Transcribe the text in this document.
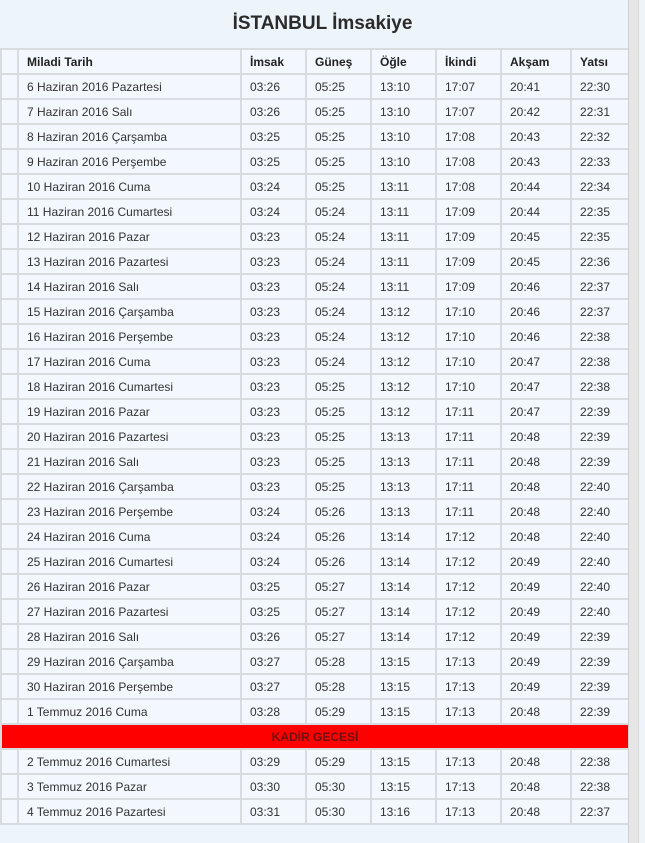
İSTANBUL İmsakiye
	Miladi Tarih	İmsak	Güneş	Öğle	İkindi	Akşam	Yatsı
	6 Haziran 2016 Pazartesi	03:26	05:25	13:10	17:07	20:41	22:30
	7 Haziran 2016 Salı	03:26	05:25	13:10	17:07	20:42	22:31
	8 Haziran 2016 Çarşamba	03:25	05:25	13:10	17:08	20:43	22:32
	9 Haziran 2016 Perşembe	03:25	05:25	13:10	17:08	20:43	22:33
	10 Haziran 2016 Cuma	03:24	05:25	13:11	17:08	20:44	22:34
	11 Haziran 2016 Cumartesi	03:24	05:24	13:11	17:09	20:44	22:35
	12 Haziran 2016 Pazar	03:23	05:24	13:11	17:09	20:45	22:35
	13 Haziran 2016 Pazartesi	03:23	05:24	13:11	17:09	20:45	22:36
	14 Haziran 2016 Salı	03:23	05:24	13:11	17:09	20:46	22:37
	15 Haziran 2016 Çarşamba	03:23	05:24	13:12	17:10	20:46	22:37
	16 Haziran 2016 Perşembe	03:23	05:24	13:12	17:10	20:46	22:38
	17 Haziran 2016 Cuma	03:23	05:24	13:12	17:10	20:47	22:38
	18 Haziran 2016 Cumartesi	03:23	05:25	13:12	17:10	20:47	22:38
	19 Haziran 2016 Pazar	03:23	05:25	13:12	17:11	20:47	22:39
	20 Haziran 2016 Pazartesi	03:23	05:25	13:13	17:11	20:48	22:39
	21 Haziran 2016 Salı	03:23	05:25	13:13	17:11	20:48	22:39
	22 Haziran 2016 Çarşamba	03:23	05:25	13:13	17:11	20:48	22:40
	23 Haziran 2016 Perşembe	03:24	05:26	13:13	17:11	20:48	22:40
	24 Haziran 2016 Cuma	03:24	05:26	13:14	17:12	20:48	22:40
	25 Haziran 2016 Cumartesi	03:24	05:26	13:14	17:12	20:49	22:40
	26 Haziran 2016 Pazar	03:25	05:27	13:14	17:12	20:49	22:40
	27 Haziran 2016 Pazartesi	03:25	05:27	13:14	17:12	20:49	22:40
	28 Haziran 2016 Salı	03:26	05:27	13:14	17:12	20:49	22:39
	29 Haziran 2016 Çarşamba	03:27	05:28	13:15	17:13	20:49	22:39
	30 Haziran 2016 Perşembe	03:27	05:28	13:15	17:13	20:49	22:39
	1 Temmuz 2016 Cuma	03:28	05:29	13:15	17:13	20:48	22:39
KADİR GECESİ							
	2 Temmuz 2016 Cumartesi	03:29	05:29	13:15	17:13	20:48	22:38
	3 Temmuz 2016 Pazar	03:30	05:30	13:15	17:13	20:48	22:38
	4 Temmuz 2016 Pazartesi	03:31	05:30	13:16	17:13	20:48	22:37
